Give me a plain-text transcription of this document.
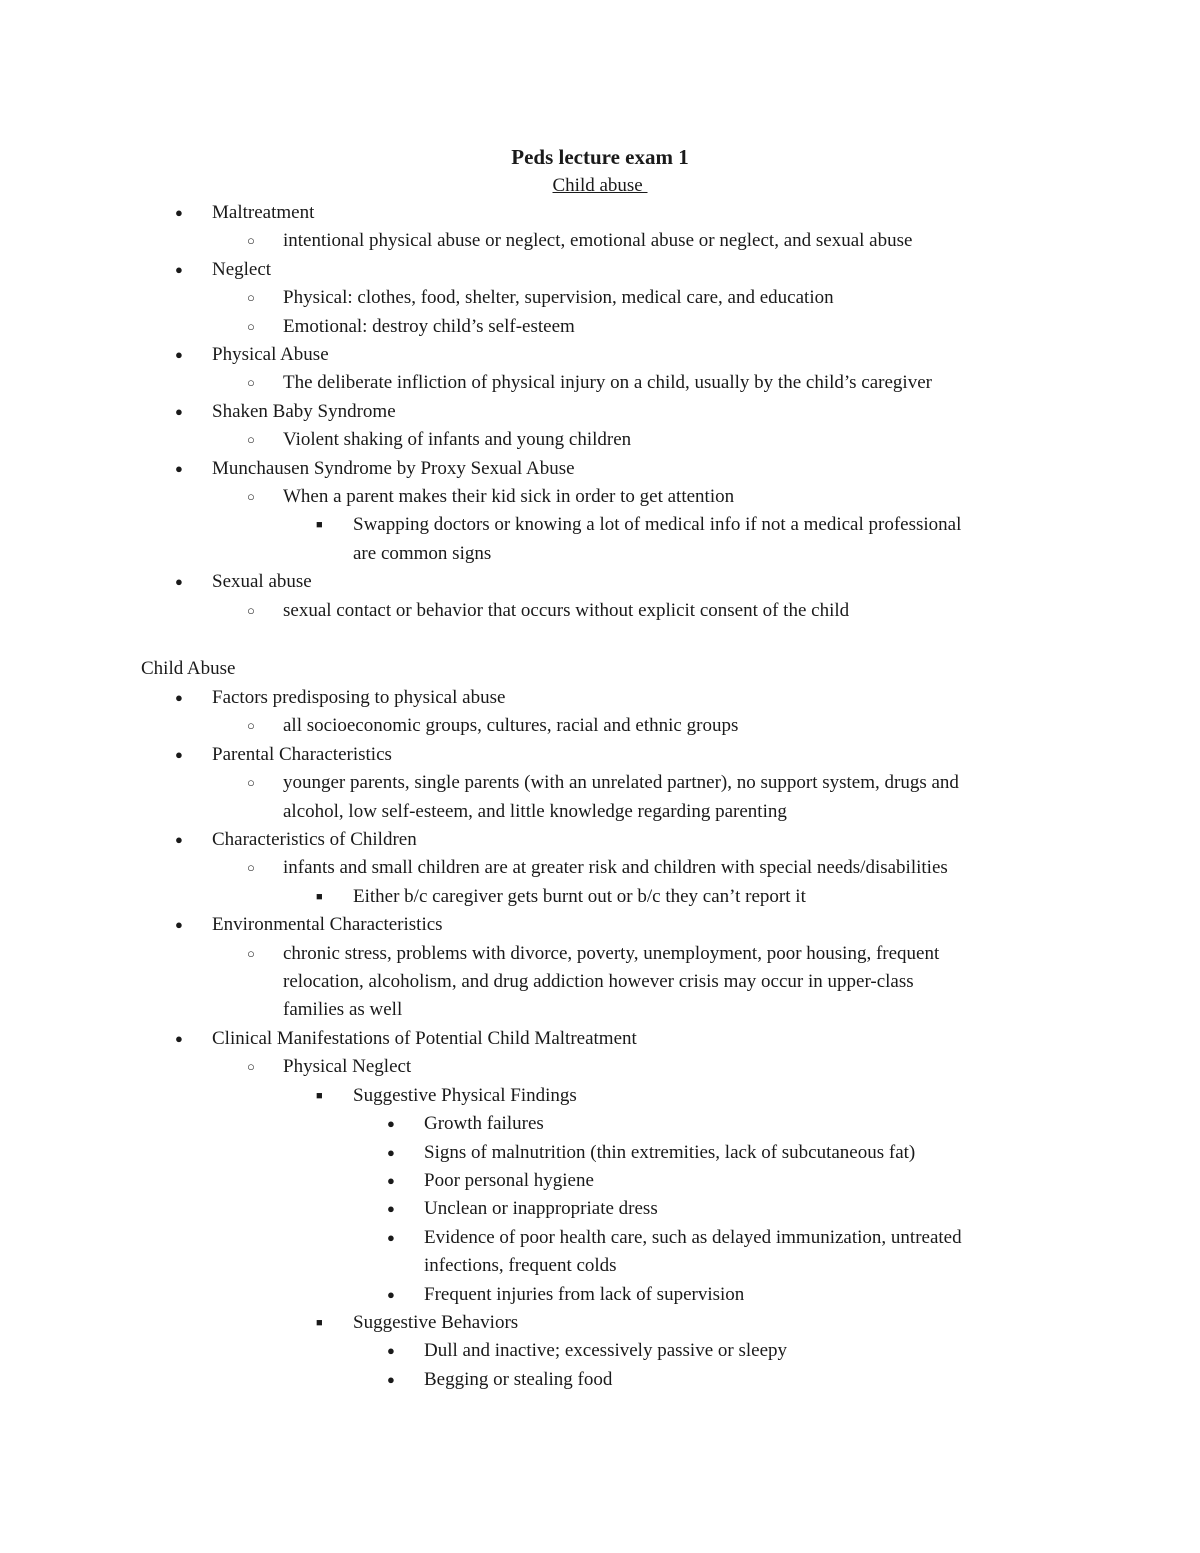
Peds lecture exam 1
Child abuse
● Maltreatment
○ intentional physical abuse or neglect, emotional abuse or neglect, and sexual abuse
● Neglect
○ Physical: clothes, food, shelter, supervision, medical care, and education
○ Emotional: destroy child’s self-esteem
● Physical Abuse
○ The deliberate infliction of physical injury on a child, usually by the child’s caregiver
● Shaken Baby Syndrome
○ Violent shaking of infants and young children
● Munchausen Syndrome by Proxy Sexual Abuse
○ When a parent makes their kid sick in order to get attention
■ Swapping doctors or knowing a lot of medical info if not a medical professional
are common signs
● Sexual abuse
○ sexual contact or behavior that occurs without explicit consent of the child
Child Abuse
● Factors predisposing to physical abuse
○ all socioeconomic groups, cultures, racial and ethnic groups
● Parental Characteristics
○ younger parents, single parents (with an unrelated partner), no support system, drugs and
alcohol, low self-esteem, and little knowledge regarding parenting
● Characteristics of Children
○ infants and small children are at greater risk and children with special needs/disabilities
■ Either b/c caregiver gets burnt out or b/c they can’t report it
● Environmental Characteristics
○ chronic stress, problems with divorce, poverty, unemployment, poor housing, frequent
relocation, alcoholism, and drug addiction however crisis may occur in upper-class
families as well
● Clinical Manifestations of Potential Child Maltreatment
○ Physical Neglect
■ Suggestive Physical Findings
● Growth failures
● Signs of malnutrition (thin extremities, lack of subcutaneous fat)
● Poor personal hygiene
● Unclean or inappropriate dress
● Evidence of poor health care, such as delayed immunization, untreated
infections, frequent colds
● Frequent injuries from lack of supervision
■ Suggestive Behaviors
● Dull and inactive; excessively passive or sleepy
● Begging or stealing food
